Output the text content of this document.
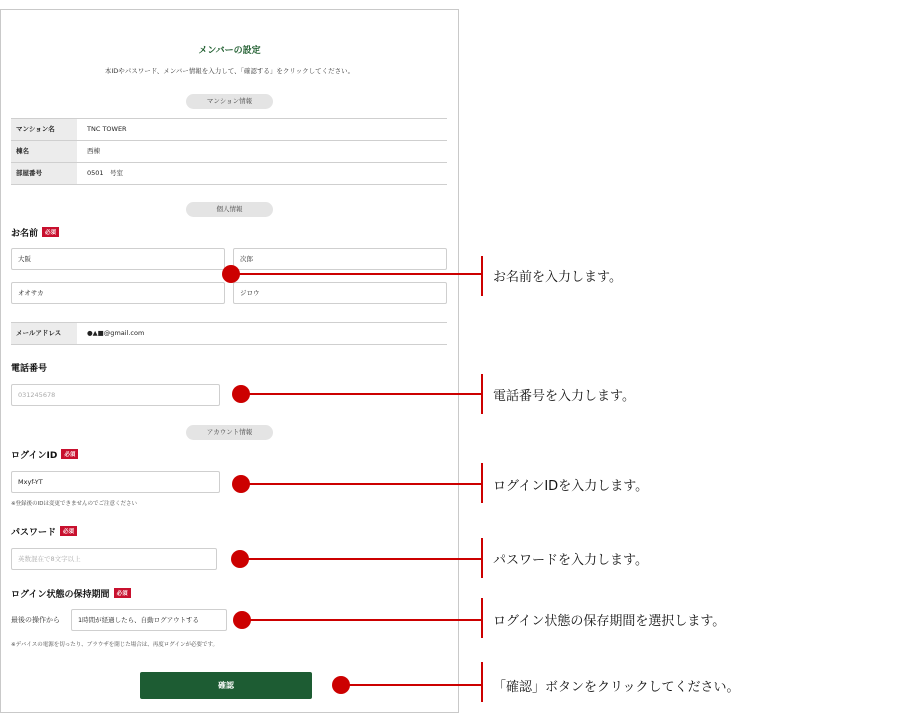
メンバーの設定
本IDやパスワード、メンバー情報を入力して、「確認する」をクリックしてください。
マンション情報
マンション名	TNC TOWER
棟名	西棟
部屋番号	0501　号室
個人情報
お名前 必須
大阪	次郎
オオサカ	ジロウ
メールアドレス	●▲■@gmail.com
電話番号
031245678
アカウント情報
ログインID 必須
Mxyf-YT
※登録後のIDは変更できませんのでご注意ください
パスワード 必須
英数混在で8文字以上
ログイン状態の保持期間 必須
最後の操作から	1時間が経過したら、自動ログアウトする
※デバイスの電源を切ったり、ブラウザを閉じた場合は、再度ログインが必要です。
確認
お名前を入力します。
電話番号を入力します。
ログインIDを入力します。
パスワードを入力します。
ログイン状態の保存期間を選択します。
「確認」ボタンをクリックしてください。
